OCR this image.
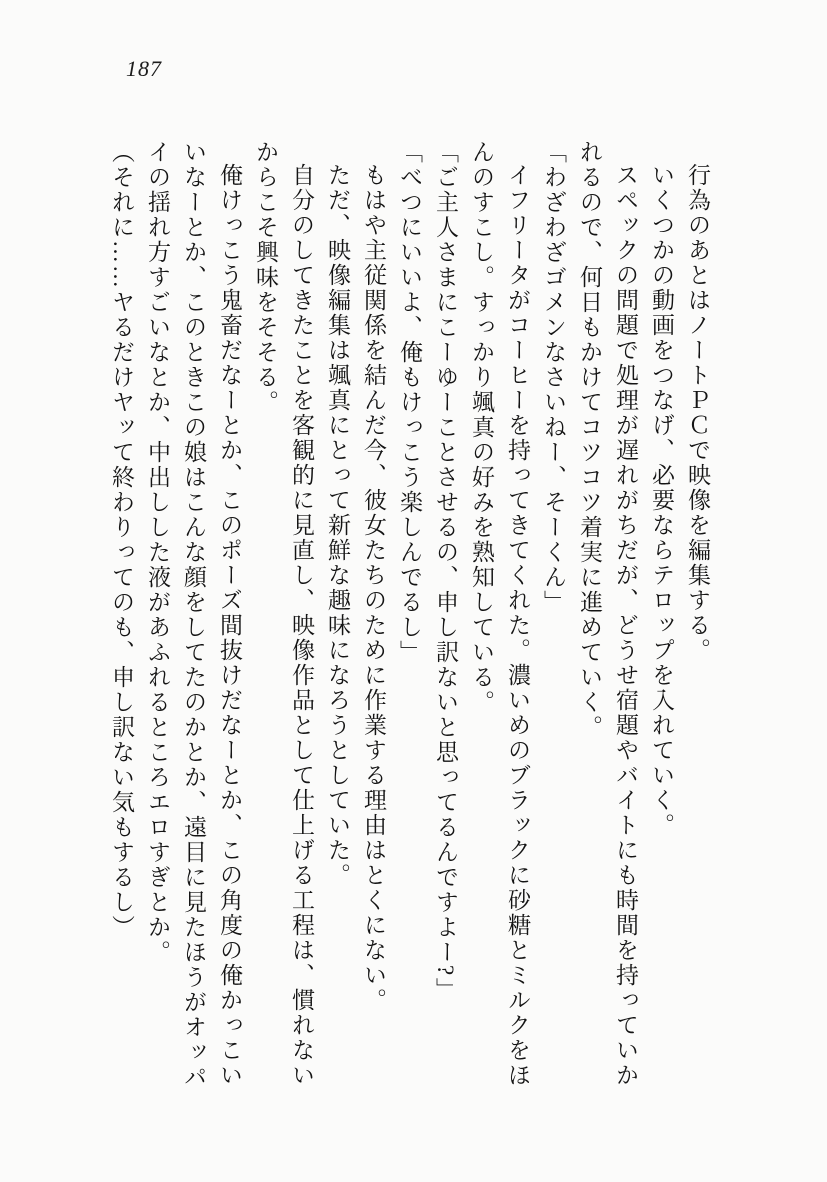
187

行為のあとはノートＰＣで映像を編集する。

いくつかの動画をつなげ、必要ならテロップを入れていく。

スペックの問題で処理が遅れがちだが、どうせ宿題やバイトにも時間を持っていかれるので、何日もかけてコツコツ着実に進めていく。

「わざわざゴメンなさいねー、そーくん」

イフリータがコーヒーを持ってきてくれた。濃いめのブラックに砂糖とミルクをほんのすこし。すっかり颯真の好みを熟知している。

「ご主人さまにこーゆーことさせるの、申し訳ないと思ってるんですよー?」

「べつにいいよ、俺もけっこう楽しんでるし」

もはや主従関係を結んだ今、彼女たちのために作業する理由はとくにない。

ただ、映像編集は颯真にとって新鮮な趣味になろうとしていた。

自分のしてきたことを客観的に見直し、映像作品として仕上げる工程は、慣れないからこそ興味をそそる。

俺けっこう鬼畜だなーとか、このポーズ間抜けだなーとか、この角度の俺かっこいいなーとか、このときこの娘はこんな顔をしてたのかとか、遠目に見たほうがオッパイの揺れ方すごいなとか、中出しした液があふれるところエロすぎとか。

（それに……ヤるだけヤッて終わりってのも、申し訳ない気もするし）
